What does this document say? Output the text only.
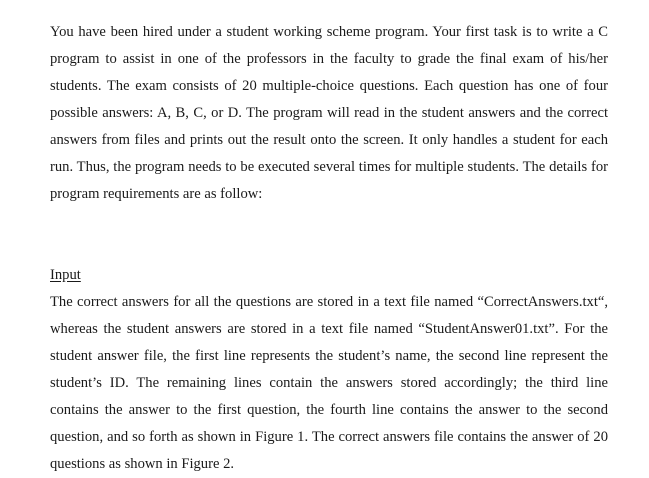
You have been hired under a student working scheme program. Your first task is to write a C program to assist in one of the professors in the faculty to grade the final exam of his/her students. The exam consists of 20 multiple-choice questions. Each question has one of four possible answers: A, B, C, or D. The program will read in the student answers and the correct answers from files and prints out the result onto the screen. It only handles a student for each run. Thus, the program needs to be executed several times for multiple students. The details for program requirements are as follow:

Input

The correct answers for all the questions are stored in a text file named “CorrectAnswers.txt“, whereas the student answers are stored in a text file named “StudentAnswer01.txt”. For the student answer file, the first line represents the student’s name, the second line represent the student’s ID. The remaining lines contain the answers stored accordingly; the third line contains the answer to the first question, the fourth line contains the answer to the second question, and so forth as shown in Figure 1. The correct answers file contains the answer of 20 questions as shown in Figure 2.
